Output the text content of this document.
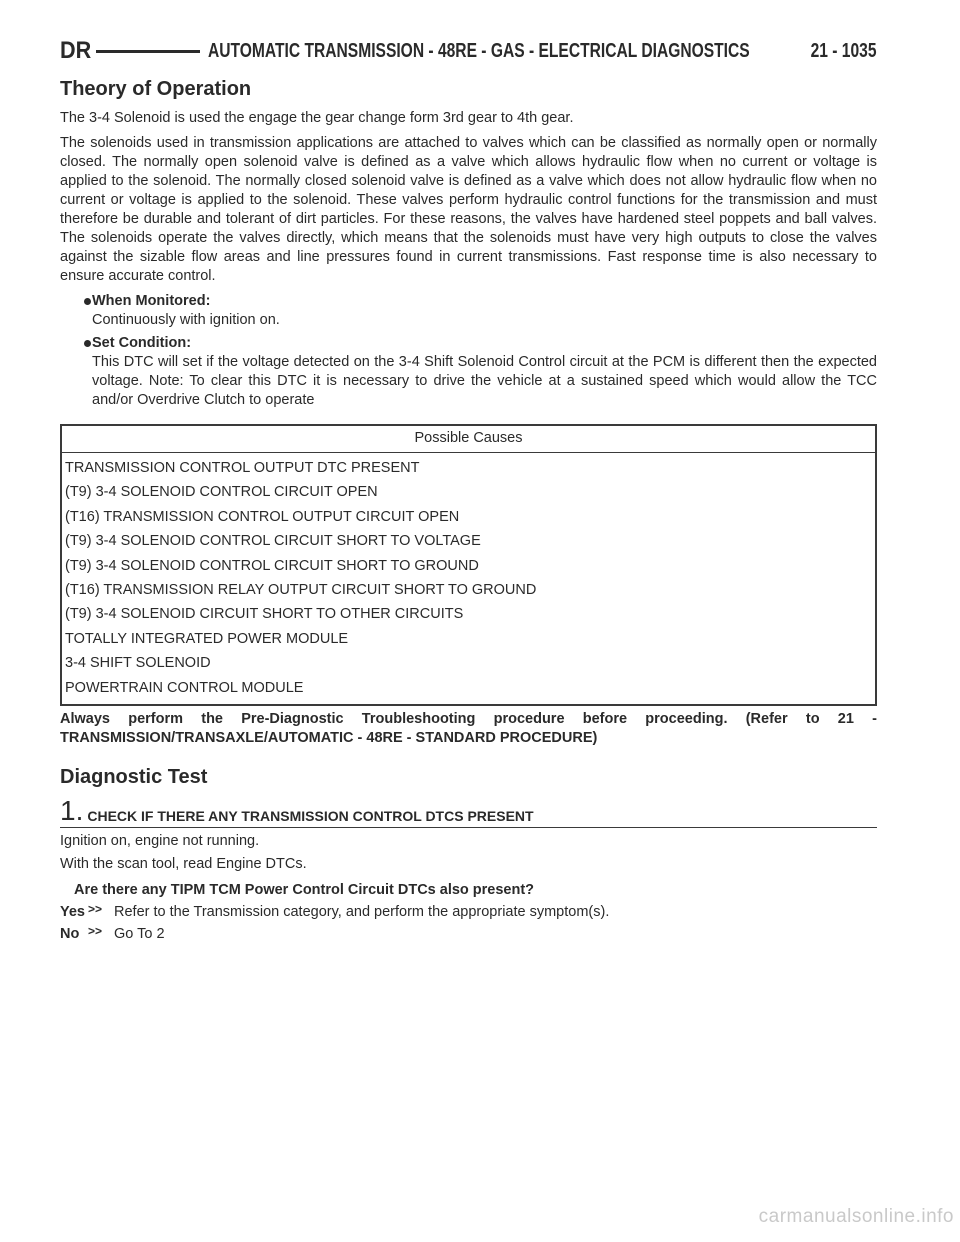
DR	AUTOMATIC TRANSMISSION - 48RE - GAS - ELECTRICAL DIAGNOSTICS	21 - 1035
Theory of Operation

The 3-4 Solenoid is used the engage the gear change form 3rd gear to 4th gear.

The solenoids used in transmission applications are attached to valves which can be classified as normally open or normally closed. The normally open solenoid valve is defined as a valve which allows hydraulic flow when no current or voltage is applied to the solenoid. The normally closed solenoid valve is defined as a valve which does not allow hydraulic flow when no current or voltage is applied to the solenoid. These valves perform hydraulic control functions for the transmission and must therefore be durable and tolerant of dirt particles. For these reasons, the valves have hardened steel poppets and ball valves. The solenoids operate the valves directly, which means that the solenoids must have very high outputs to close the valves against the sizable flow areas and line pressures found in current transmissions. Fast response time is also necessary to ensure accurate control.

When Monitored:
Continuously with ignition on.
Set Condition:
This DTC will set if the voltage detected on the 3-4 Shift Solenoid Control circuit at the PCM is different then the expected voltage. Note: To clear this DTC it is necessary to drive the vehicle at a sustained speed which would allow the TCC and/or Overdrive Clutch to operate
Possible Causes
TRANSMISSION CONTROL OUTPUT DTC PRESENT
(T9) 3-4 SOLENOID CONTROL CIRCUIT OPEN
(T16) TRANSMISSION CONTROL OUTPUT CIRCUIT OPEN
(T9) 3-4 SOLENOID CONTROL CIRCUIT SHORT TO VOLTAGE
(T9) 3-4 SOLENOID CONTROL CIRCUIT SHORT TO GROUND
(T16) TRANSMISSION RELAY OUTPUT CIRCUIT SHORT TO GROUND
(T9) 3-4 SOLENOID CIRCUIT SHORT TO OTHER CIRCUITS
TOTALLY INTEGRATED POWER MODULE
3-4 SHIFT SOLENOID
POWERTRAIN CONTROL MODULE

Always perform the Pre-Diagnostic Troubleshooting procedure before proceeding. (Refer to 21 - TRANSMISSION/TRANSAXLE/AUTOMATIC - 48RE - STANDARD PROCEDURE)

Diagnostic Test
1. CHECK IF THERE ANY TRANSMISSION CONTROL DTCS PRESENT

Ignition on, engine not running.

With the scan tool, read Engine DTCs.

Are there any TIPM TCM Power Control Circuit DTCs also present?
Yes >> Refer to the Transmission category, and perform the appropriate symptom(s).
No >> Go To 2
carmanualsonline.info
